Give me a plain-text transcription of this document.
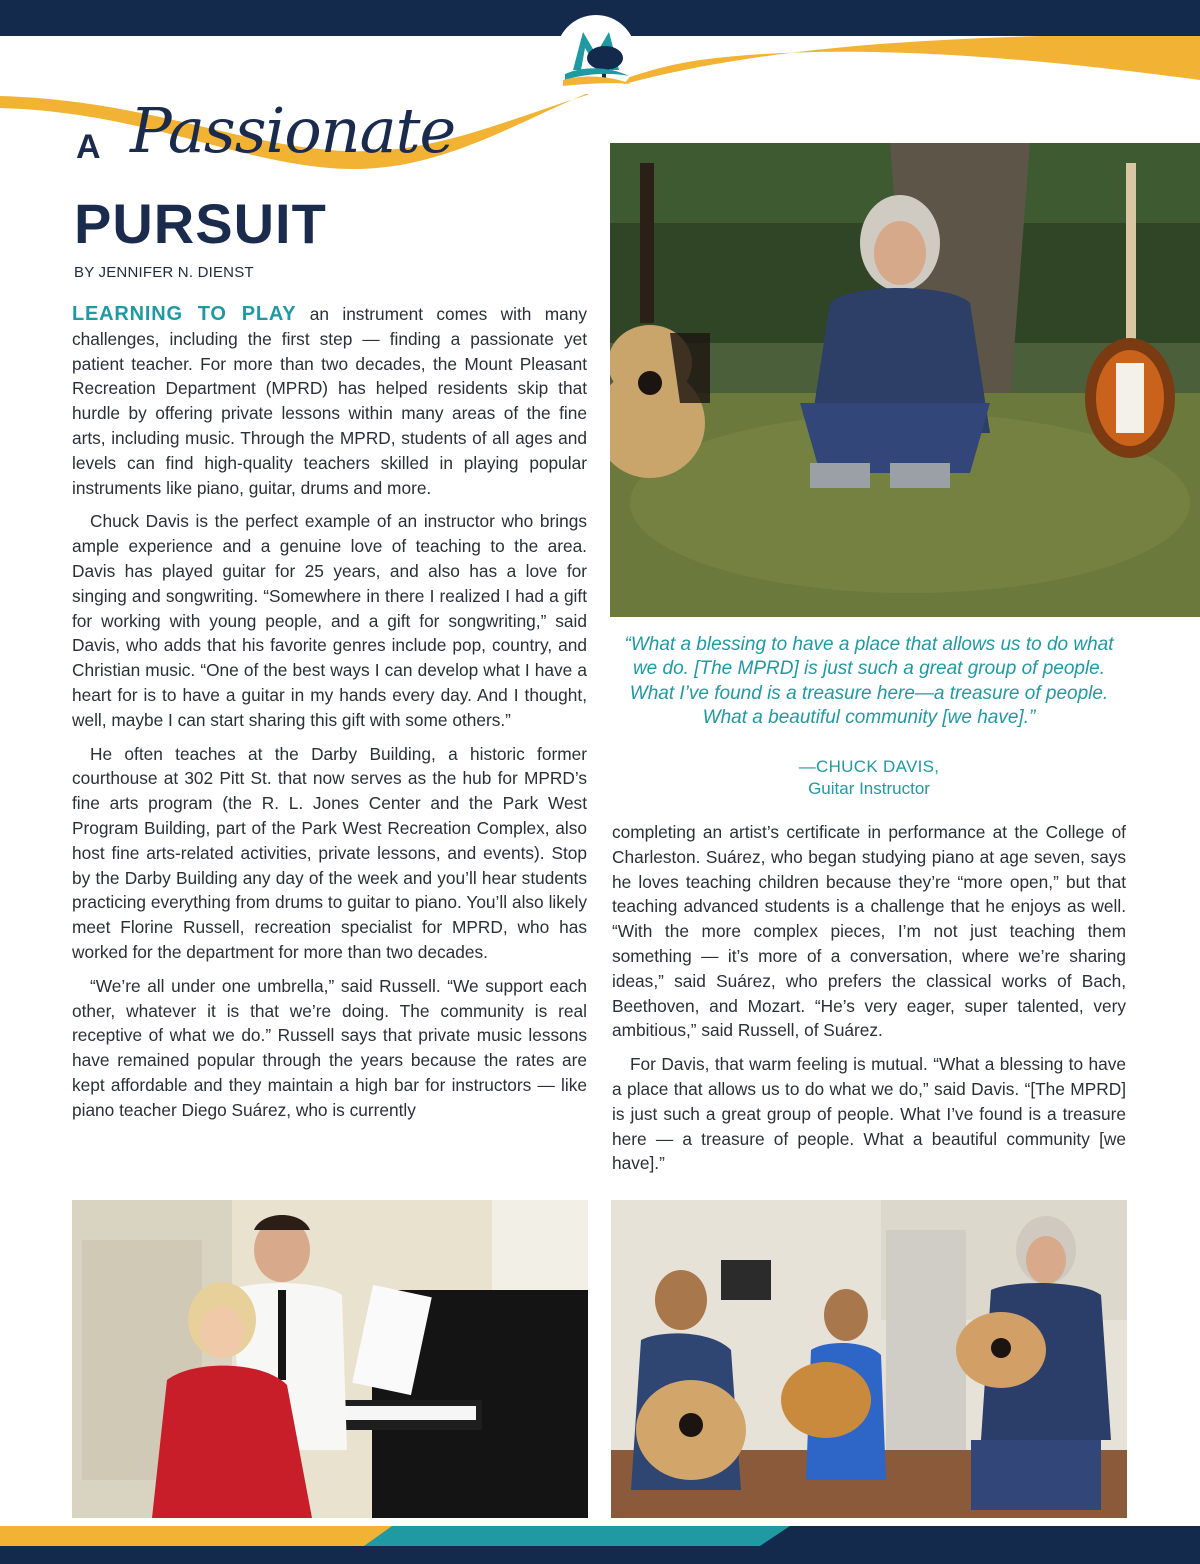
A Passionate
PURSUIT
BY JENNIFER N. DIENST

LEARNING TO PLAY an instrument comes with many challenges, including the first step — finding a passionate yet patient teacher. For more than two decades, the Mount Pleasant Recreation Department (MPRD) has helped residents skip that hurdle by offering private lessons within many areas of the fine arts, including music. Through the MPRD, students of all ages and levels can find high-quality teachers skilled in playing popular instruments like piano, guitar, drums and more.

Chuck Davis is the perfect example of an instructor who brings ample experience and a genuine love of teaching to the area. Davis has played guitar for 25 years, and also has a love for singing and songwriting. “Somewhere in there I realized I had a gift for working with young people, and a gift for songwriting,” said Davis, who adds that his favorite genres include pop, country, and Christian music. “One of the best ways I can develop what I have a heart for is to have a guitar in my hands every day. And I thought, well, maybe I can start sharing this gift with some others.”

He often teaches at the Darby Building, a historic former courthouse at 302 Pitt St. that now serves as the hub for MPRD’s fine arts program (the R. L. Jones Center and the Park West Program Building, part of the Park West Recreation Complex, also host fine arts-related activities, private lessons, and events). Stop by the Darby Building any day of the week and you’ll hear students practicing everything from drums to guitar to piano. You’ll also likely meet Florine Russell, recreation specialist for MPRD, who has worked for the department for more than two decades.

“We’re all under one umbrella,” said Russell. “We support each other, whatever it is that we’re doing. The community is real receptive of what we do.” Russell says that private music lessons have remained popular through the years because the rates are kept affordable and they maintain a high bar for instructors — like piano teacher Diego Suárez, who is currently

“What a blessing to have a place that allows us to do what we do. [The MPRD] is just such a great group of people. What I’ve found is a treasure here—a treasure of people. What a beautiful community [we have].”
—CHUCK DAVIS,
Guitar Instructor

completing an artist’s certificate in performance at the College of Charleston. Suárez, who began studying piano at age seven, says he loves teaching children because they’re “more open,” but that teaching advanced students is a challenge that he enjoys as well. “With the more complex pieces, I’m not just teaching them something — it’s more of a conversation, where we’re sharing ideas,” said Suárez, who prefers the classical works of Bach, Beethoven, and Mozart. “He’s very eager, super talented, very ambitious,” said Russell, of Suárez.

For Davis, that warm feeling is mutual. “What a blessing to have a place that allows us to do what we do,” said Davis. “[The MPRD] is just such a great group of people. What I’ve found is a treasure here — a treasure of people. What a beautiful community [we have].”
